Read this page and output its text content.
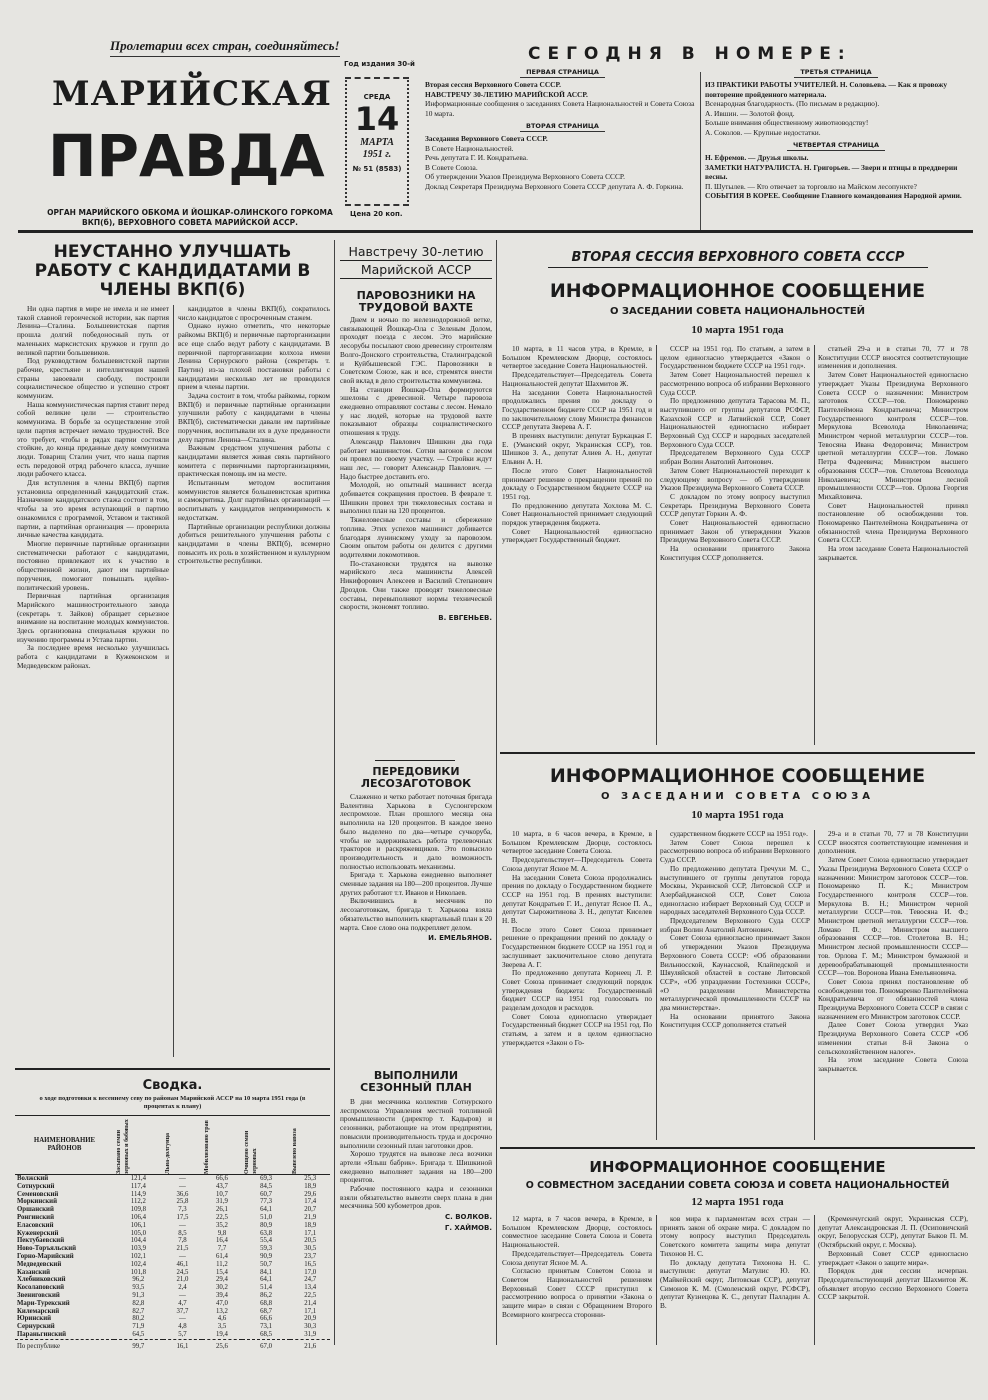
Пролетарии всех стран, соединяйтесь!
МАРИЙСКАЯ
ПРАВДА
ОРГАН МАРИЙСКОГО ОБКОМА И ЙОШКАР-ОЛИНСКОГО ГОРКОМА ВКП(б), ВЕРХОВНОГО СОВЕТА МАРИЙСКОЙ АССР.
Год издания 30-й
СРЕДА
14
МАРТА
1951 г.
№ 51 (8583)
Цена 20 коп.
СЕГОДНЯ В НОМЕРЕ:
ПЕРВАЯ СТРАНИЦА
Вторая сессия Верховного Совета СССР.
НАВСТРЕЧУ 30-ЛЕТИЮ МАРИЙСКОЙ АССР.
Информационные сообщения о заседаниях Совета Национальностей и Совета Союза 10 марта.
ВТОРАЯ СТРАНИЦА
Заседания Верховного Совета СССР.
В Совете Национальностей.
Речь депутата Г. И. Кондратьева.
В Совете Союза.
Об утверждении Указов Президиума Верховного Совета СССР.
Доклад Секретаря Президиума Верховного Совета СССР депутата А. Ф. Горкина.
ТРЕТЬЯ СТРАНИЦА
ИЗ ПРАКТИКИ РАБОТЫ УЧИТЕЛЕЙ. Н. Соловьева. — Как я провожу повторение пройденного материала.
Всенародная благодарность. (По письмам в редакцию).
А. Ившин. — Золотой фонд.
Больше внимания общественному животноводству!
А. Соколов. — Крупные недостатки.
ЧЕТВЕРТАЯ СТРАНИЦА
Н. Ефремов. — Друзья школы.
ЗАМЕТКИ НАТУРАЛИСТА. Н. Григорьев. — Звери и птицы в преддверии весны.
П. Шутылев. — Кто отвечает за торговлю на Майском лесопункте?
СОБЫТИЯ В КОРЕЕ. Сообщение Главного командования Народной армии.
НЕУСТАННО УЛУЧШАТЬ РАБОТУ С КАНДИДАТАМИ В ЧЛЕНЫ ВКП(б)

Ни одна партия в мире не имела и не имеет такой славной героической истории, как партия Ленина—Сталина. Большевистская партия прошла долгий победоносный путь от маленьких марксистских кружков и групп до великой партии большевиков.

Под руководством большевистской партии рабочие, крестьяне и интеллигенция нашей страны завоевали свободу, построили социалистическое общество и успешно строят коммунизм.

Наша коммунистическая партия ставит перед собой великие цели — строительство коммунизма. В борьбе за осуществление этой цели партия встречает немало трудностей. Все это требует, чтобы в рядах партии состояли стойкие, до конца преданные делу коммунизма люди. Товарищ Сталин учит, что наша партия есть передовой отряд рабочего класса, лучшие люди рабочего класса.

Для вступления в члены ВКП(б) партия установила определенный кандидатский стаж. Назначение кандидатского стажа состоит в том, чтобы за это время вступающий в партию ознакомился с программой, Уставом и тактикой партии, а партийная организация — проверила личные качества кандидата.

Многие первичные партийные организации систематически работают с кандидатами, постоянно привлекают их к участию в общественной жизни, дают им партийные поручения, помогают повышать идейно-политический уровень.

Первичная партийная организация Марийского машиностроительного завода (секретарь т. Зайков) обращает серьезное внимание на воспитание молодых коммунистов. Здесь организована специальная кружки по изучению программы и Устава партии.

За последнее время несколько улучшилась работа с кандидатами в Кужеконском и Медведевском районах.

кандидатов в члены ВКП(б), сократилось число кандидатов с просроченным стажем.

Однако нужно отметить, что некоторые райкомы ВКП(б) и первичные парторганизации все еще слабо ведут работу с кандидатами. В первичной парторганизации колхоза имени Ленина Сернурского района (секретарь т. Паутин) из-за плохой постановки работы с кандидатами несколько лет не проводился прием в члены партии.

Задача состоит в том, чтобы райкомы, горком ВКП(б) и первичные партийные организации улучшили работу с кандидатами в члены ВКП(б), систематически давали им партийные поручения, воспитывали их в духе преданности делу партии Ленина—Сталина.

Важным средством улучшения работы с кандидатами является живая связь партийного комитета с первичными парторганизациями, практическая помощь им на месте.

Испытанным методом воспитания коммунистов является большевистская критика и самокритика. Долг партийных организаций — воспитывать у кандидатов непримиримость к недостаткам.

Партийные организации республики должны добиться решительного улучшения работы с кандидатами в члены ВКП(б), всемерно повысить их роль в хозяйственном и культурном строительстве республики.

Сводка.
о ходе подготовки к весеннему севу по районам Марийской АССР на 10 марта 1951 года (в процентах к плану)
НАИМЕНОВАНИЕ РАЙОНОВ	Засыпано семян зерновых и бобовых	Льна-долгунца	Мобилизовано трав	Очищено семян зерновых	Вывезено навоза

Волжский	121,4	—	66,6	69,3	25,3
Сотнурский	117,4	—	43,7	84,5	18,9
Семеновский	114,9	36,6	10,7	60,7	29,6
Моркинский	112,2	25,8	31,9	77,3	17,4
Оршанский	109,8	7,3	26,1	64,1	20,7
Ронгинский	106,4	17,5	22,5	51,0	21,9
Еласовский	106,1	—	35,2	80,9	18,9
Куженерский	105,0	8,5	9,8	63,8	17,1
Пектубаевский	104,4	7,8	16,4	55,4	20,5
Ново-Торъяльский	103,9	21,5	7,7	59,3	30,5
Горно-Марийский	102,1	—	61,4	90,9	23,7
Медведевский	102,4	46,1	11,2	50,7	16,5
Казанский	101,8	24,5	15,4	84,1	17,0
Хлебниковский	96,2	21,0	29,4	64,1	24,7
Косолаповский	93,5	2,4	30,2	51,4	13,4
Звениговский	91,3	—	39,4	86,2	22,5
Мари-Турекский	82,8	4,7	47,0	68,8	21,4
Килемарский	82,7	37,7	13,2	68,7	17,1
Юринский	80,2	—	4,6	66,6	20,9
Сернурский	71,9	4,8	3,5	73,1	30,3
Параньгинский	64,5	5,7	19,4	68,5	31,9
По республике	99,7	16,1	25,6	67,0	21,6
Навстречу 30-летию
Марийской АССР
ПАРОВОЗНИКИ НА ТРУДОВОЙ ВАХТЕ

Днем и ночью по железнодорожной ветке, связывающей Йошкар-Ола с Зеленым Долом, проходят поезда с лесом. Это марийские лесорубы посылают свою древесину строителям Волго-Донского строительства, Сталинградской и Куйбышевской ГЭС. Паровозники в Советском Союзе, как и все, стремятся внести свой вклад в дело строительства коммунизма.

На станции Йошкар-Ола формируются эшелоны с древесиной. Четыре паровоза ежедневно отправляют составы с лесом. Немало у нас людей, которые на трудовой вахте показывают образцы социалистического отношения к труду.

Александр Павлович Шишкин два года работает машинистом. Сотни вагонов с лесом он провел по своему участку. — Стройки ждут наш лес, — говорит Александр Павлович. — Надо быстрее доставить его.

Молодой, но опытный машинист всегда добивается сокращения простоев. В феврале т. Шишкин провел три тяжеловесных состава и выполнил план на 120 процентов.

Тяжеловесные составы и сбережение топлива. Этих успехов машинист добивается благодаря лунинскому уходу за паровозом. Своим опытом работы он делится с другими водителями локомотивов.

По-стахановски трудятся на вывозке марийского леса машинисты Алексей Никифорович Алексеев и Василий Степанович Дроздов. Они также проводят тяжеловесные составы, перевыполняют нормы технической скорости, экономят топливо.

В. ЕВГЕНЬЕВ.
ПЕРЕДОВИКИ ЛЕСОЗАГОТОВОК

Слаженно и четко работает поточная бригада Валентина Харькова в Суслонгерском леспромхозе. План прошлого месяца она выполнила на 120 процентов. В каждое звено было выделено по два—четыре сучкоруба, чтобы не задерживалась работа трелевочных тракторов и раскряжевщиков. Это повысило производительность и дало возможность полностью использовать механизмы.

Бригада т. Харькова ежедневно выполняет сменные задания на 180—200 процентов. Лучше других работают т.т. Иванов и Николаев.

Включившись в месячник по лесозаготовкам, бригада т. Харькова взяла обязательство выполнить квартальный план к 20 марта. Свое слово она подкрепляет делом.

И. ЕМЕЛЬЯНОВ.
ВЫПОЛНИЛИ СЕЗОННЫЙ ПЛАН

В дни месячника коллектив Сотнурского леспромхоза Управления местной топливной промышленности (директор т. Кадыров) и сезонники, работающие на этом предприятии, повысили производительность труда и досрочно выполнили сезонный план заготовки дров.

Хорошо трудятся на вывозке леса возчики артели «Ялыш бабрик». Бригада т. Шишкиной ежедневно выполняет задания на 180—200 процентов.

Рабочие постоянного кадра и сезонники взяли обязательство вывезти сверх плана в дни месячника 500 кубометров дров.

С. ВОЛКОВ.
Г. ХАЙМОВ.
ВТОРАЯ СЕССИЯ ВЕРХОВНОГО СОВЕТА СССР
ИНФОРМАЦИОННОЕ СООБЩЕНИЕ
О ЗАСЕДАНИИ СОВЕТА НАЦИОНАЛЬНОСТЕЙ
10 марта 1951 года

10 марта, в 11 часов утра, в Кремле, в Большом Кремлевском Дворце, состоялось четвертое заседание Совета Национальностей.

Председательствует—Председатель Совета Национальностей депутат Шахмитов Ж.

На заседании Совета Национальностей продолжались прения по докладу о Государственном бюджете СССР на 1951 год и по заключительному слову Министра финансов СССР депутата Зверева А. Г.

В прениях выступили: депутат Буркацкая Г. Е. (Уманский округ, Украинская ССР), тов. Шишков З. А., депутат Алиев А. Н., депутат Ельвин А. Н.

После этого Совет Национальностей принимает решение о прекращении прений по докладу о Государственном бюджете СССР на 1951 год.

По предложению депутата Хохлова М. С. Совет Национальностей принимает следующий порядок утверждения бюджета.

Совет Национальностей единогласно утверждает Государственный бюджет.

СССР на 1951 год. По статьям, а затем в целом единогласно утверждается «Закон о Государственном бюджете СССР на 1951 год».

Затем Совет Национальностей перешел к рассмотрению вопроса об избрании Верховного Суда СССР.

По предложению депутата Тарасова М. П., выступившего от группы депутатов РСФСР, Казахской ССР и Латвийской ССР, Совет Национальностей единогласно избирает Верховный Суд СССР и народных заседателей Верховного Суда СССР.

Председателем Верховного Суда СССР избран Волин Анатолий Антонович.

Затем Совет Национальностей переходит к следующему вопросу — об утверждении Указов Президиума Верховного Совета СССР.

С докладом по этому вопросу выступил Секретарь Президиума Верховного Совета СССР депутат Горкин А. Ф.

Совет Национальностей единогласно принимает Закон об утверждении Указов Президиума Верховного Совета СССР.

На основании принятого Закона Конституция СССР дополняется.

статьей 29-а и в статьи 70, 77 и 78 Конституции СССР вносятся соответствующие изменения и дополнения.

Затем Совет Национальностей единогласно утверждает Указы Президиума Верховного Совета СССР о назначении: Министром заготовок СССР—тов. Пономаренко Пантелеймона Кондратьевича; Министром Государственного контроля СССР—тов. Меркулова Всеволода Николаевича; Министром черной металлургии СССР—тов. Тевосяна Ивана Федоровича; Министром цветной металлургии СССР—тов. Ломако Петра Фадеевича; Министром высшего образования СССР—тов. Столетова Всеволода Николаевича; Министром лесной промышленности СССР—тов. Орлова Георгия Михайловича.

Совет Национальностей принял постановление об освобождении тов. Пономаренко Пантелеймона Кондратьевича от обязанностей члена Президиума Верховного Совета СССР.

На этом заседание Совета Национальностей закрывается.

ИНФОРМАЦИОННОЕ СООБЩЕНИЕ
О ЗАСЕДАНИИ СОВЕТА СОЮЗА
10 марта 1951 года

10 марта, в 6 часов вечера, в Кремле, в Большом Кремлевском Дворце, состоялось четвертое заседание Совета Союза.

Председательствует—Председатель Совета Союза депутат Ясное М. А.

На заседании Совета Союза продолжались прения по докладу о Государственном бюджете СССР на 1951 год. В прениях выступили: депутат Кондратьев Г. И., депутат Ясное П. А., депутат Сырожитинова З. Н., депутат Киселев Н. В.

После этого Совет Союза принимает решение о прекращении прений по докладу о Государственном бюджете СССР на 1951 год и заслушивает заключительное слово депутата Зверева А. Г.

По предложению депутата Корнеец Л. Р. Совет Союза принимает следующий порядок утверждения бюджета: Государственный бюджет СССР на 1951 год голосовать по разделам доходов и расходов.

Совет Союза единогласно утверждает Государственный бюджет СССР на 1951 год. По статьям, а затем и в целом единогласно утверждается «Закон о Го-

сударственном бюджете СССР на 1951 год».

Затем Совет Союза перешел к рассмотрению вопроса об избрании Верховного Суда СССР.

По предложению депутата Гречухи М. С., выступившего от группы депутатов города Москвы, Украинской ССР, Литовской ССР и Азербайджанской ССР, Совет Союза единогласно избирает Верховный Суд СССР и народных заседателей Верховного Суда СССР.

Председателем Верховного Суда СССР избран Волин Анатолий Антонович.

Совет Союза единогласно принимает Закон об утверждении Указов Президиума Верховного Совета СССР: «Об образовании Вильнюсской, Каунасской, Клайпедской и Шяуляйской областей в составе Литовской ССР», «Об упразднении Гостехники СССР», «О разделении Министерства металлургической промышленности СССР на два министерства».

На основании принятого Закона Конституция СССР дополняется статьей

29-а и в статьи 70, 77 и 78 Конституции СССР вносятся соответствующие изменения и дополнения.

Затем Совет Союза единогласно утверждает Указы Президиума Верховного Совета СССР о назначении: Министром заготовок СССР—тов. Пономаренко П. К.; Министром Государственного контроля СССР—тов. Меркулова В. Н.; Министром черной металлургии СССР—тов. Тевосяна И. Ф.; Министром цветной металлургии СССР—тов. Ломако П. Ф.; Министром высшего образования СССР—тов. Столетова В. Н.; Министром лесной промышленности СССР—тов. Орлова Г. М.; Министром бумажной и деревообрабатывающей промышленности СССР—тов. Воронова Ивана Емельяновича.

Совет Союза принял постановление об освобождении тов. Пономаренко Пантелеймона Кондратьевича от обязанностей члена Президиума Верховного Совета СССР в связи с назначением его Министром заготовок СССР.

Далее Совет Союза утвердил Указ Президиума Верховного Совета СССР «Об изменении статьи 8-й Закона о сельскохозяйственном налоге».

На этом заседание Совета Союза закрывается.

ИНФОРМАЦИОННОЕ СООБЩЕНИЕ
О СОВМЕСТНОМ ЗАСЕДАНИИ СОВЕТА СОЮЗА И СОВЕТА НАЦИОНАЛЬНОСТЕЙ
12 марта 1951 года

12 марта, в 7 часов вечера, в Кремле, в Большом Кремлевском Дворце, состоялось совместное заседание Совета Союза и Совета Национальностей.

Председательствует—Председатель Совета Союза депутат Ясное М. А.

Согласно принятым Советом Союза и Советом Национальностей решениям Верховный Совет СССР приступил к рассмотрению вопроса о принятии «Закона о защите мира» в связи с Обращением Второго Всемирного конгресса сторонни-

ков мира к парламентам всех стран — принять закон об охране мира. С докладом по этому вопросу выступил Председатель Советского комитета защиты мира депутат Тихонов Н. С.

По докладу депутата Тихонова Н. С. выступили: депутат Матулис Ю. Ю. (Майкейский округ, Литовская ССР), депутат Симонов К. М. (Смоленский округ, РСФСР), депутат Кузнецова К. С., депутат Палладин А. В.

(Кременчугский округ, Украинская ССР), депутат Александровская Л. П. (Осиповичский округ, Белорусская ССР), депутат Быков П. М. (Октябрьский округ, г. Москва).

Верховный Совет СССР единогласно утверждает «Закон о защите мира».

Порядок дня сессии исчерпан. Председательствующий депутат Шахмитов Ж. объявляет вторую сессию Верховного Совета СССР закрытой.
